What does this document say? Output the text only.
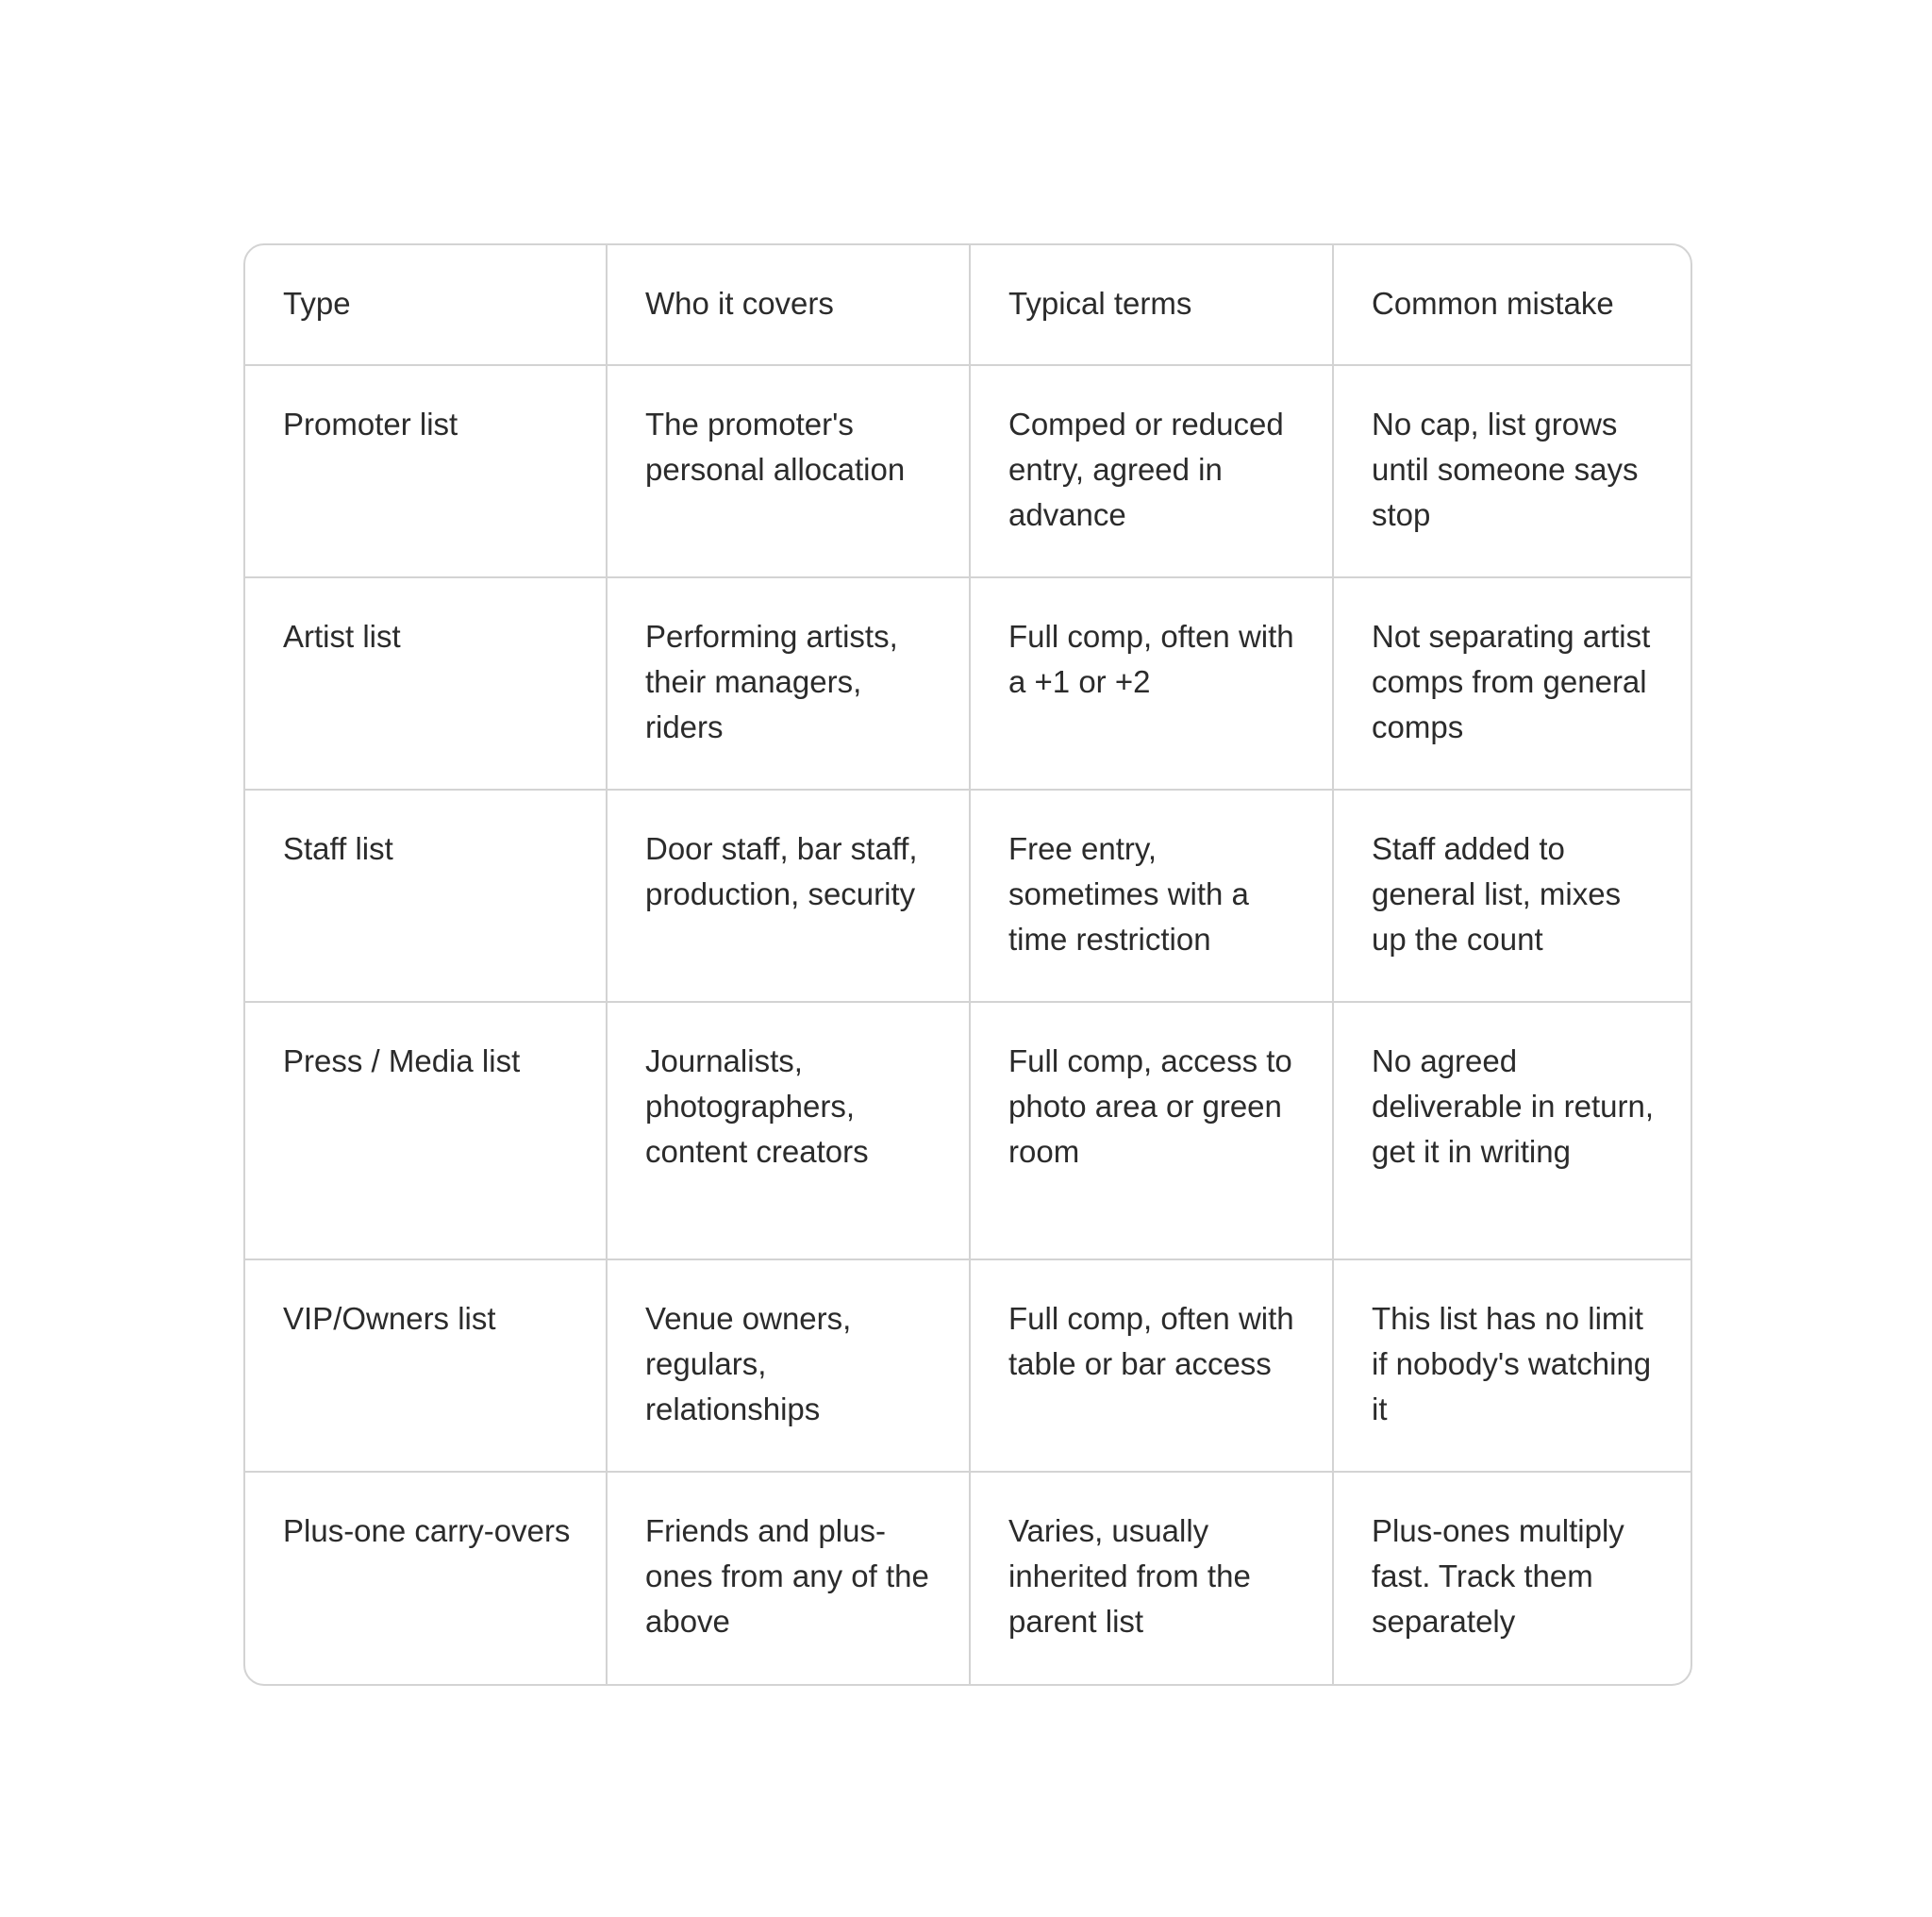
Type	Who it covers	Typical terms	Common mistake
Promoter list	The promoter's personal allocation	Comped or reduced entry, agreed in advance	No cap, list grows until someone says stop
Artist list	Performing artists, their managers, riders	Full comp, often with a +1 or +2	Not separating artist comps from general comps
Staff list	Door staff, bar staff, production, security	Free entry, sometimes with a time restriction	Staff added to general list, mixes up the count
Press / Media list	Journalists, photographers, content creators	Full comp, access to photo area or green room	No agreed deliverable in return, get it in writing
VIP/Owners list	Venue owners, regulars, relationships	Full comp, often with table or bar access	This list has no limit if nobody's watching it
Plus-one carry-overs	Friends and plus-ones from any of the above	Varies, usually inherited from the parent list	Plus-ones multiply fast. Track them separately
